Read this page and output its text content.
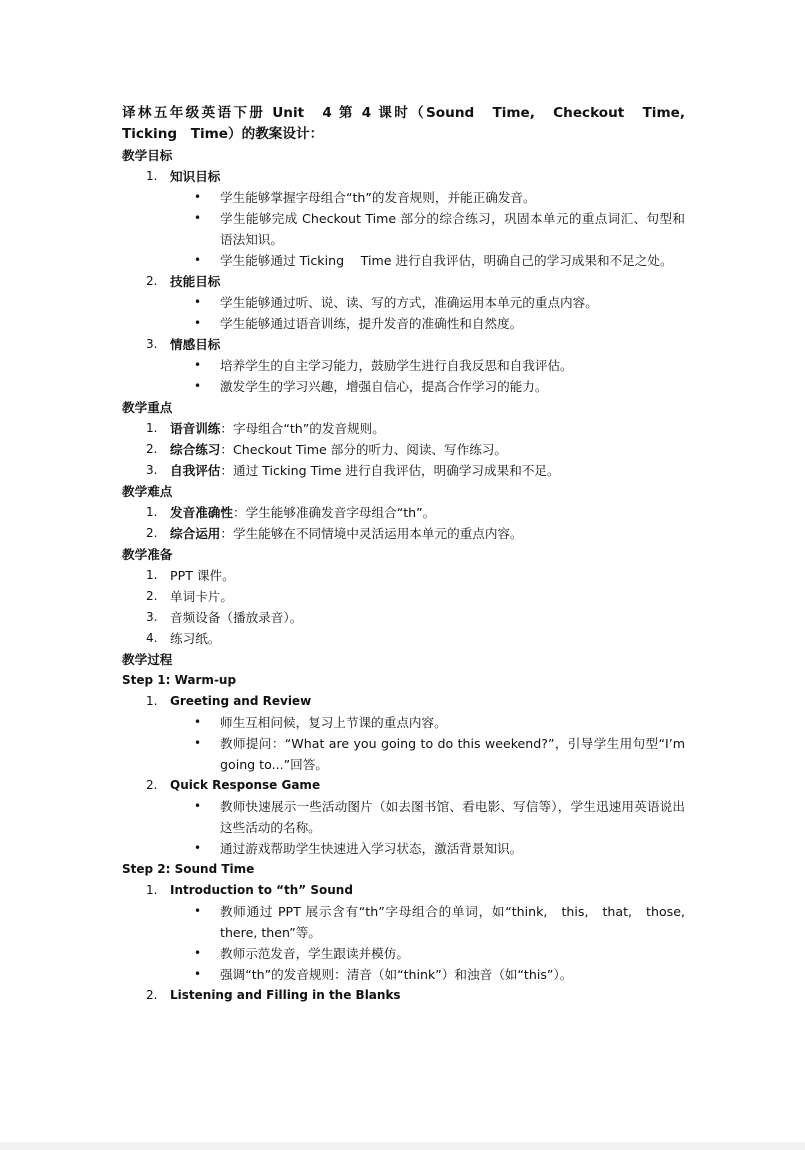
译林五年级英语下册 Unit　4 第 4 课时（Sound　Time,　Checkout　Time,　Ticking　Time）的教案设计：
教学目标
1. 知识目标
•	学生能够掌握字母组合“th”的发音规则，并能正确发音。
•	学生能够完成 Checkout Time 部分的综合练习，巩固本单元的重点词汇、句型和语法知识。
•	学生能够通过 Ticking　 Time 进行自我评估，明确自己的学习成果和不足之处。
2. 技能目标
•	学生能够通过听、说、读、写的方式，准确运用本单元的重点内容。
•	学生能够通过语音训练，提升发音的准确性和自然度。
3. 情感目标
•	培养学生的自主学习能力，鼓励学生进行自我反思和自我评估。
•	激发学生的学习兴趣，增强自信心，提高合作学习的能力。
教学重点
1. 语音训练：字母组合“th”的发音规则。
2. 综合练习：Checkout Time 部分的听力、阅读、写作练习。
3. 自我评估：通过 Ticking Time 进行自我评估，明确学习成果和不足。
教学难点
1. 发音准确性：学生能够准确发音字母组合“th”。
2. 综合运用：学生能够在不同情境中灵活运用本单元的重点内容。
教学准备
1. PPT 课件。
2. 单词卡片。
3. 音频设备（播放录音）。
4. 练习纸。
教学过程
Step 1: Warm-up
1.	Greeting and Review
•	师生互相问候，复习上节课的重点内容。
•	教师提问：“What are you going to do this weekend?”，引导学生用句型“I’m going to...”回答。
2.	Quick Response Game
•	教师快速展示一些活动图片（如去图书馆、看电影、写信等），学生迅速用英语说出这些活动的名称。
•	通过游戏帮助学生快速进入学习状态，激活背景知识。
Step 2: Sound Time
1.	Introduction to “th” Sound
•	教师通过 PPT 展示含有“th”字母组合的单词，如“think,　this,　that,　those, there, then”等。
•	教师示范发音，学生跟读并模仿。
•	强调“th”的发音规则：清音（如“think”）和浊音（如“this”）。
2.	Listening and Filling in the Blanks
